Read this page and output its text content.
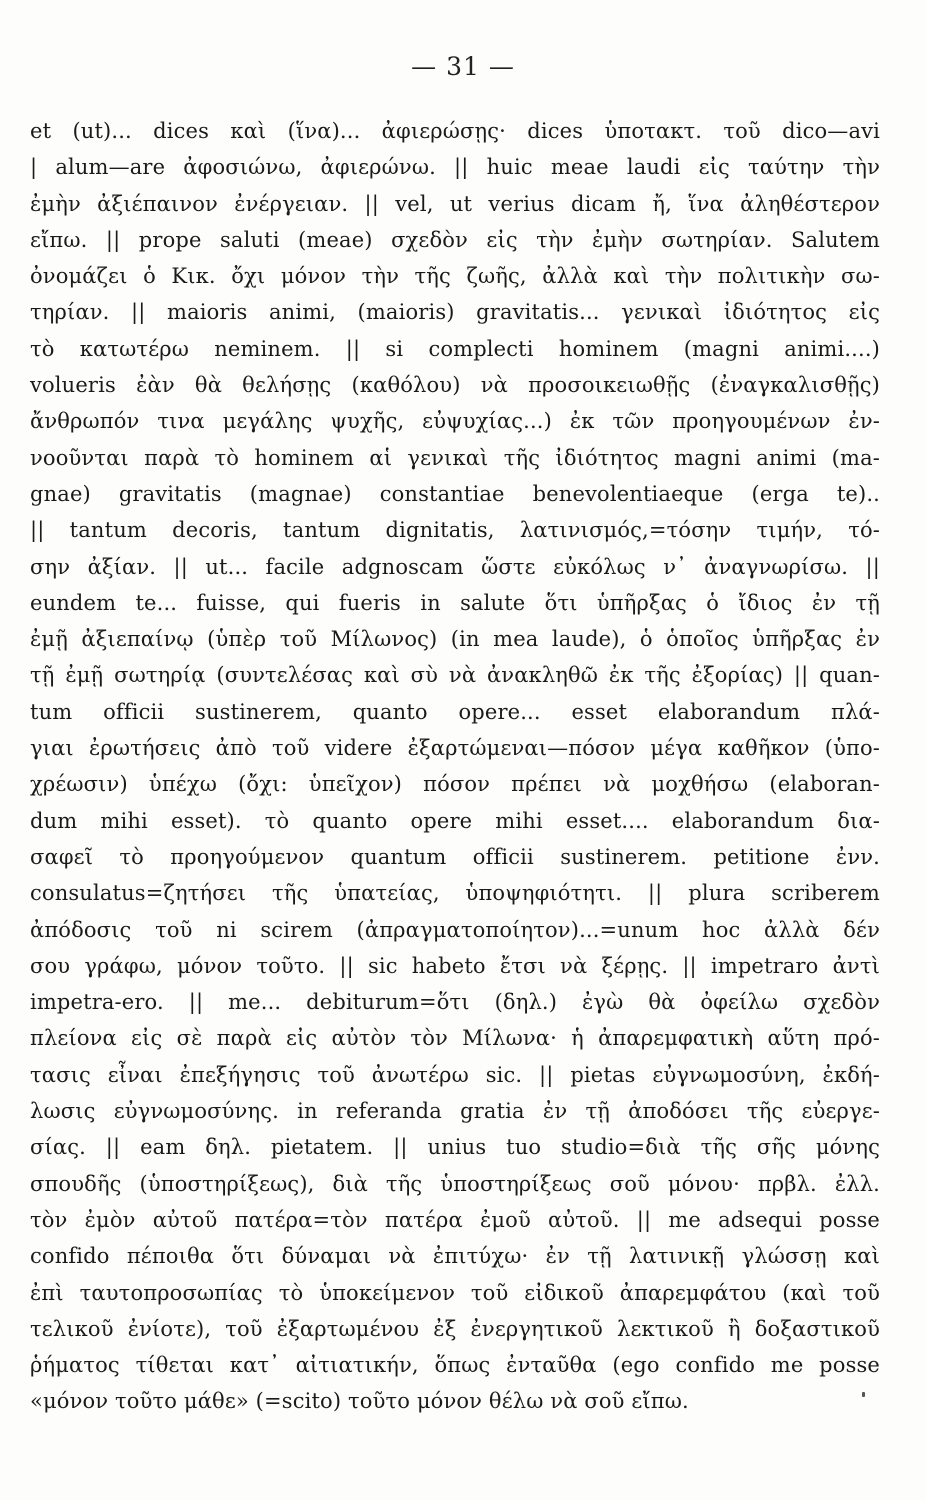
— 31 —
et (ut)... dices καὶ (ἵνα)... ἀφιερώσῃς· dices ὑποτακτ. τοῦ dico—avi
| alum—are ἀφοσιώνω, ἀφιερώνω. || huic meae laudi εἰς ταύτην τὴν
ἐμὴν ἀξιέπαινον ἐνέργειαν. || vel, ut verius dicam ἤ, ἵνα ἀληθέστερον
εἴπω. || prope saluti (meae) σχεδὸν εἰς τὴν ἐμὴν σωτηρίαν. Salutem
ὀνομάζει ὁ Κικ. ὄχι μόνον τὴν τῆς ζωῆς, ἀλλὰ καὶ τὴν πολιτικὴν σω-
τηρίαν. || maioris animi, (maioris) gravitatis... γενικαὶ ἰδιότητος εἰς
τὸ κατωτέρω neminem. || si complecti hominem (magni animi....)
volueris ἐὰν θὰ θελήσῃς (καθόλου) νὰ προσοικειωθῇς (ἐναγκαλισθῇς)
ἄνθρωπόν τινα μεγάλης ψυχῆς, εὐψυχίας...) ἐκ τῶν προηγουμένων ἐν-
νοοῦνται παρὰ τὸ hominem αἱ γενικαὶ τῆς ἰδιότητος magni animi (ma-
gnae) gravitatis (magnae) constantiae benevolentiaeque (erga te)..
|| tantum decoris, tantum dignitatis, λατινισμός,=τόσην τιμήν, τό-
σην ἀξίαν. || ut... facile adgnoscam ὥστε εὐκόλως ν᾽ ἀναγνωρίσω. ||
eundem te... fuisse, qui fueris in salute ὅτι ὑπῆρξας ὁ ἴδιος ἐν τῇ
ἐμῇ ἀξιεπαίνῳ (ὑπὲρ τοῦ Μίλωνος) (in mea laude), ὁ ὁποῖος ὑπῆρξας ἐν
τῇ ἐμῇ σωτηρίᾳ (συντελέσας καὶ σὺ νὰ ἀνακληθῶ ἐκ τῆς ἐξορίας) || quan-
tum officii sustinerem, quanto opere... esset elaborandum πλά-
γιαι ἐρωτήσεις ἀπὸ τοῦ videre ἐξαρτώμεναι—πόσον μέγα καθῆκον (ὑπο-
χρέωσιν) ὑπέχω (ὄχι: ὑπεῖχον) πόσον πρέπει νὰ μοχθήσω (elaboran-
dum mihi esset). τὸ quanto opere mihi esset.... elaborandum δια-
σαφεῖ τὸ προηγούμενον quantum officii sustinerem. petitione ἐνν.
consulatus=ζητήσει τῆς ὑπατείας, ὑποψηφιότητι. || plura scriberem
ἀπόδοσις τοῦ ni scirem (ἀπραγματοποίητον)...=unum hoc ἀλλὰ δέν
σου γράφω, μόνον τοῦτο. || sic habeto ἔτσι νὰ ξέρῃς. || impetraro ἀντὶ
impetra-ero. || me... debiturum=ὅτι (δηλ.) ἐγὼ θὰ ὀφείλω σχεδὸν
πλείονα εἰς σὲ παρὰ εἰς αὐτὸν τὸν Μίλωνα· ἡ ἀπαρεμφατικὴ αὕτη πρό-
τασις εἶναι ἐπεξήγησις τοῦ ἀνωτέρω sic. || pietas εὐγνωμοσύνη, ἐκδή-
λωσις εὐγνωμοσύνης. in referanda gratia ἐν τῇ ἀποδόσει τῆς εὐεργε-
σίας. || eam δηλ. pietatem. || unius tuo studio=διὰ τῆς σῆς μόνης
σπουδῆς (ὑποστηρίξεως), διὰ τῆς ὑποστηρίξεως σοῦ μόνου· πρβλ. ἐλλ.
τὸν ἐμὸν αὐτοῦ πατέρα=τὸν πατέρα ἐμοῦ αὐτοῦ. || me adsequi posse
confido πέποιθα ὅτι δύναμαι νὰ ἐπιτύχω· ἐν τῇ λατινικῇ γλώσσῃ καὶ
ἐπὶ ταυτοπροσωπίας τὸ ὑποκείμενον τοῦ εἰδικοῦ ἀπαρεμφάτου (καὶ τοῦ
τελικοῦ ἐνίοτε), τοῦ ἐξαρτωμένου ἐξ ἐνεργητικοῦ λεκτικοῦ ἢ δοξαστικοῦ
ῥήματος τίθεται κατ᾽ αἰτιατικήν, ὅπως ἐνταῦθα (ego confido me posse
«μόνον τοῦτο μάθε» (=scito) τοῦτο μόνον θέλω νὰ σοῦ εἴπω.
